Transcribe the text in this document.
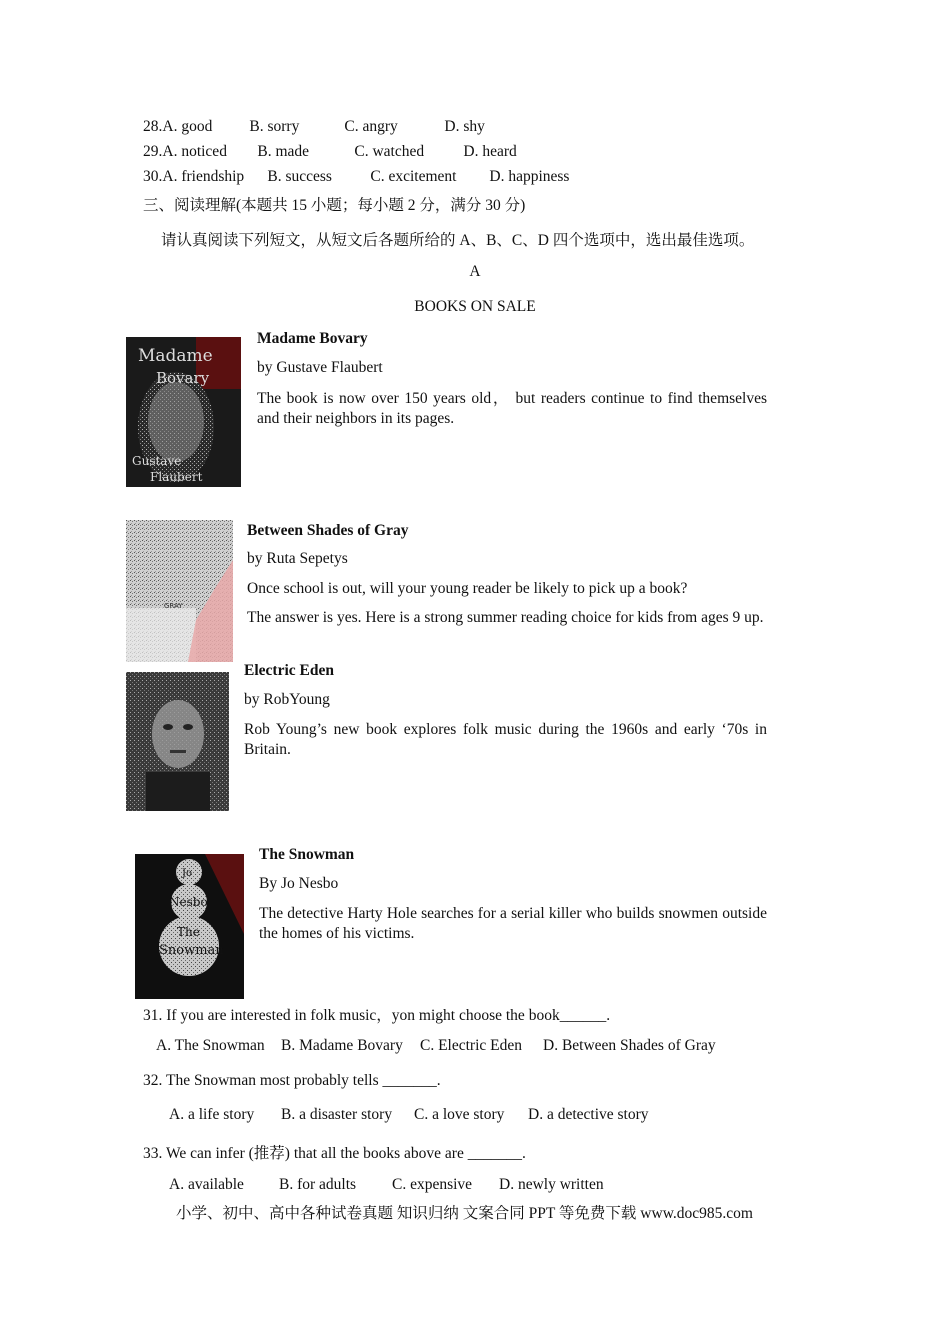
28.A. good B. sorry	C. angry	D. shy
29.A. noticed B. made	C. watched	D. heard
30.A. friendship B. success C. excitement D. happiness
三、阅读理解(本题共 15 小题；每小题 2 分，满分 30 分)
请认真阅读下列短文，从短文后各题所给的 A、B、C、D 四个选项中，选出最佳选项。
A
BOOKS ON SALE
Madame
Bovary
Gustave
Flaubert
Madame Bovary
by Gustave Flaubert
The book is now over 150 years old， but readers continue to find themselves and their neighbors in its pages.
GRAY
Between Shades of Gray
by Ruta Sepetys
Once school is out, will your young reader be likely to pick up a book?
The answer is yes. Here is a strong summer reading choice for kids from ages 9 up.
Electric Eden
by RobYoung
Rob Young’s new book explores folk music during the 1960s and early ‘70s in Britain.
Jo
Nesbo
The
Snowman
The Snowman
By Jo Nesbo
The detective Harty Hole searches for a serial killer who builds snowmen outside the homes of his victims.
31. If you are interested in folk music，yon might choose the book______.
A. The Snowman B. Madame Bovary C. Electric Eden D. Between Shades of Gray
32. The Snowman most probably tells _______.
A. a life story B. a disaster story C. a love story D. a detective story
33. We can infer (推荐) that all the books above are _______.
A. available B. for adults C. expensive D. newly written
小学、初中、高中各种试卷真题 知识归纳 文案合同 PPT 等免费下载 www.doc985.com
